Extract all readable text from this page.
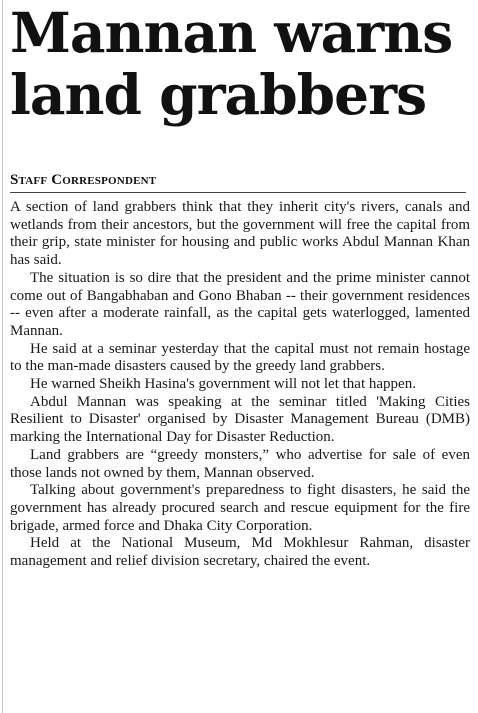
Mannan warns land grabbers
Staff Correspondent

A section of land grabbers think that they inherit city's rivers, canals and wetlands from their ancestors, but the government will free the capital from their grip, state minister for housing and public works Abdul Mannan Khan has said.

The situation is so dire that the president and the prime minister cannot come out of Bangabhaban and Gono Bhaban -- their government residences -- even after a moderate rainfall, as the capital gets waterlogged, lamented Mannan.

He said at a seminar yesterday that the capital must not remain hostage to the man-made disasters caused by the greedy land grabbers.

He warned Sheikh Hasina's government will not let that happen.

Abdul Mannan was speaking at the seminar titled 'Making Cities Resilient to Disaster' organised by Disaster Management Bureau (DMB) marking the International Day for Disaster Reduction.

Land grabbers are “greedy monsters,” who advertise for sale of even those lands not owned by them, Mannan observed.

Talking about government's preparedness to fight disasters, he said the government has already procured search and rescue equipment for the fire brigade, armed force and Dhaka City Corporation.

Held at the National Museum, Md Mokhlesur Rahman, disaster management and relief division secretary, chaired the event.
